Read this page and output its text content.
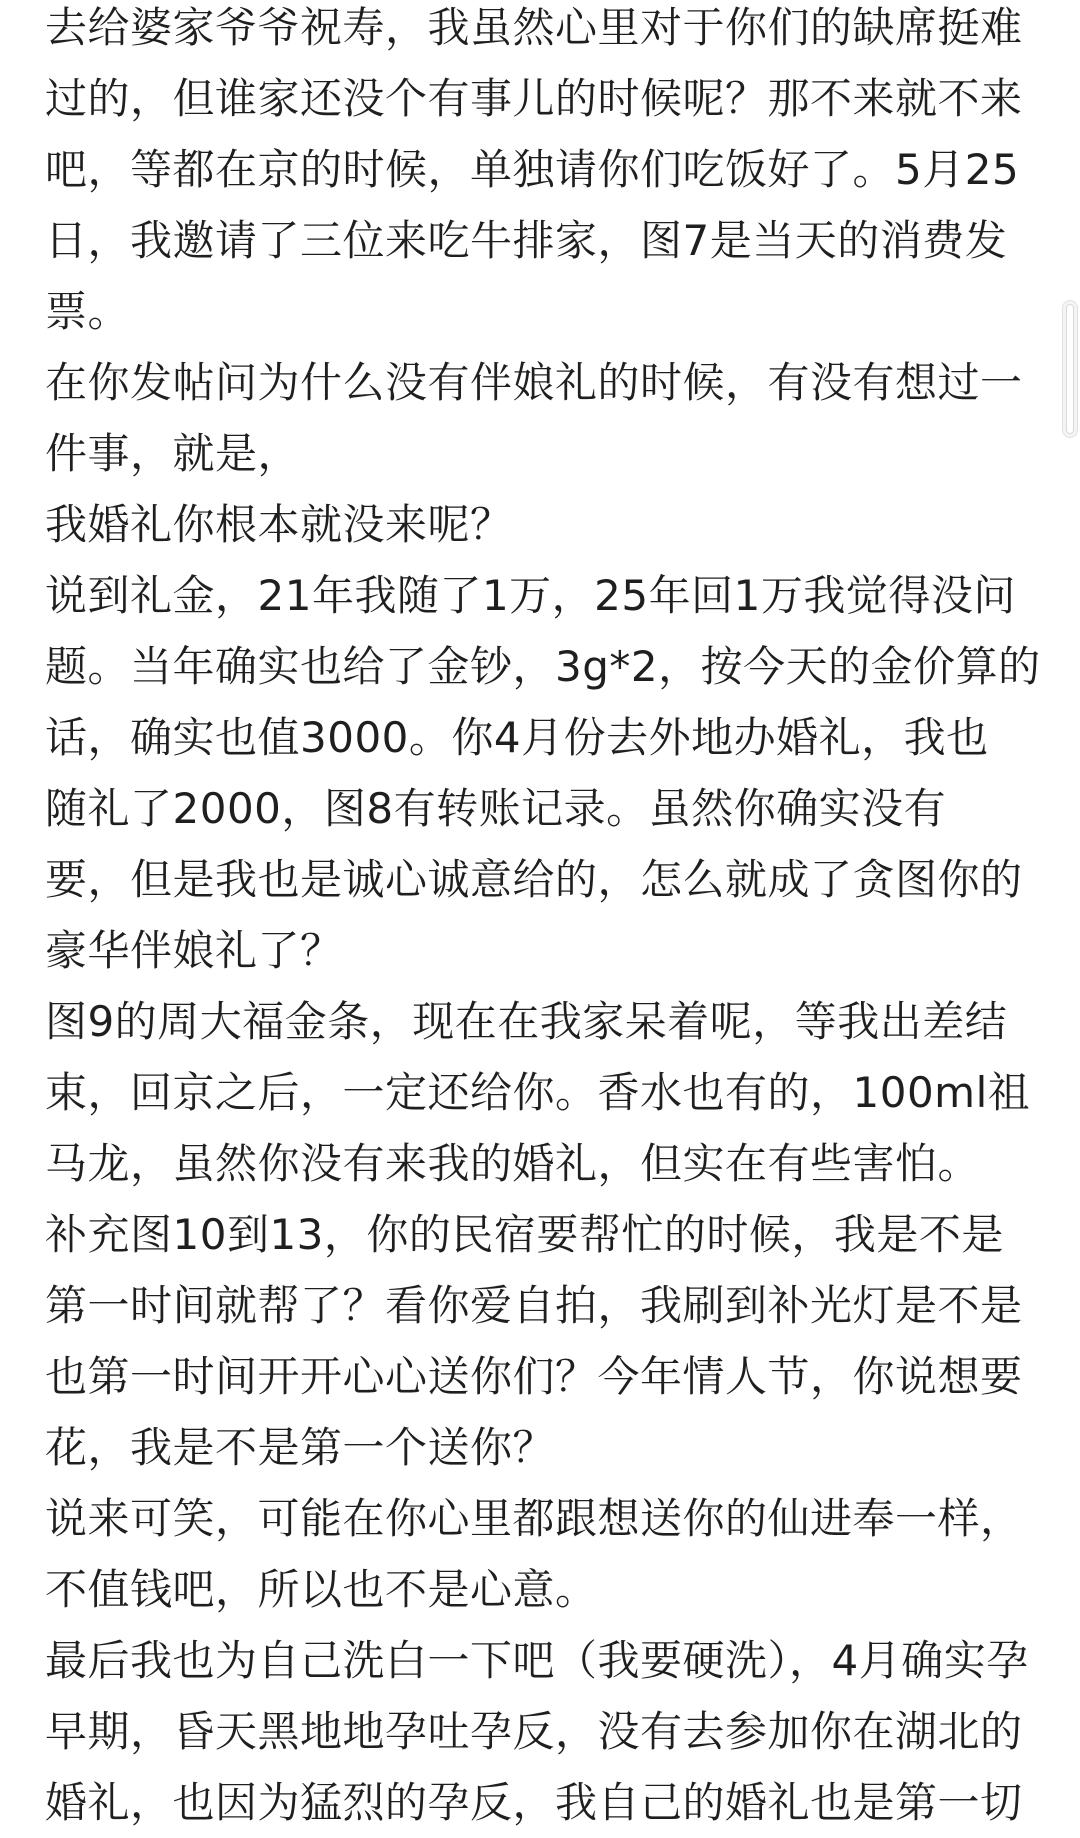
去给婆家爷爷祝寿，我虽然心里对于你们的缺席挺难
过的，但谁家还没个有事儿的时候呢？那不来就不来
吧，等都在京的时候，单独请你们吃饭好了。5月25
日，我邀请了三位来吃牛排家，图7是当天的消费发
票。
在你发帖问为什么没有伴娘礼的时候，有没有想过一
件事，就是，
我婚礼你根本就没来呢？
说到礼金，21年我随了1万，25年回1万我觉得没问
题。当年确实也给了金钞，3g*2，按今天的金价算的
话，确实也值3000。你4月份去外地办婚礼，我也
随礼了2000，图8有转账记录。虽然你确实没有
要，但是我也是诚心诚意给的，怎么就成了贪图你的
豪华伴娘礼了？
图9的周大福金条，现在在我家呆着呢，等我出差结
束，回京之后，一定还给你。香水也有的，100ml祖
马龙，虽然你没有来我的婚礼，但实在有些害怕。
补充图10到13，你的民宿要帮忙的时候，我是不是
第一时间就帮了？看你爱自拍，我刷到补光灯是不是
也第一时间开开心心送你们？今年情人节，你说想要
花，我是不是第一个送你？
说来可笑，可能在你心里都跟想送你的仙进奉一样，
不值钱吧，所以也不是心意。
最后我也为自己洗白一下吧（我要硬洗），4月确实孕
早期，昏天黑地地孕吐孕反，没有去参加你在湖北的
婚礼，也因为猛烈的孕反，我自己的婚礼也是第一切
